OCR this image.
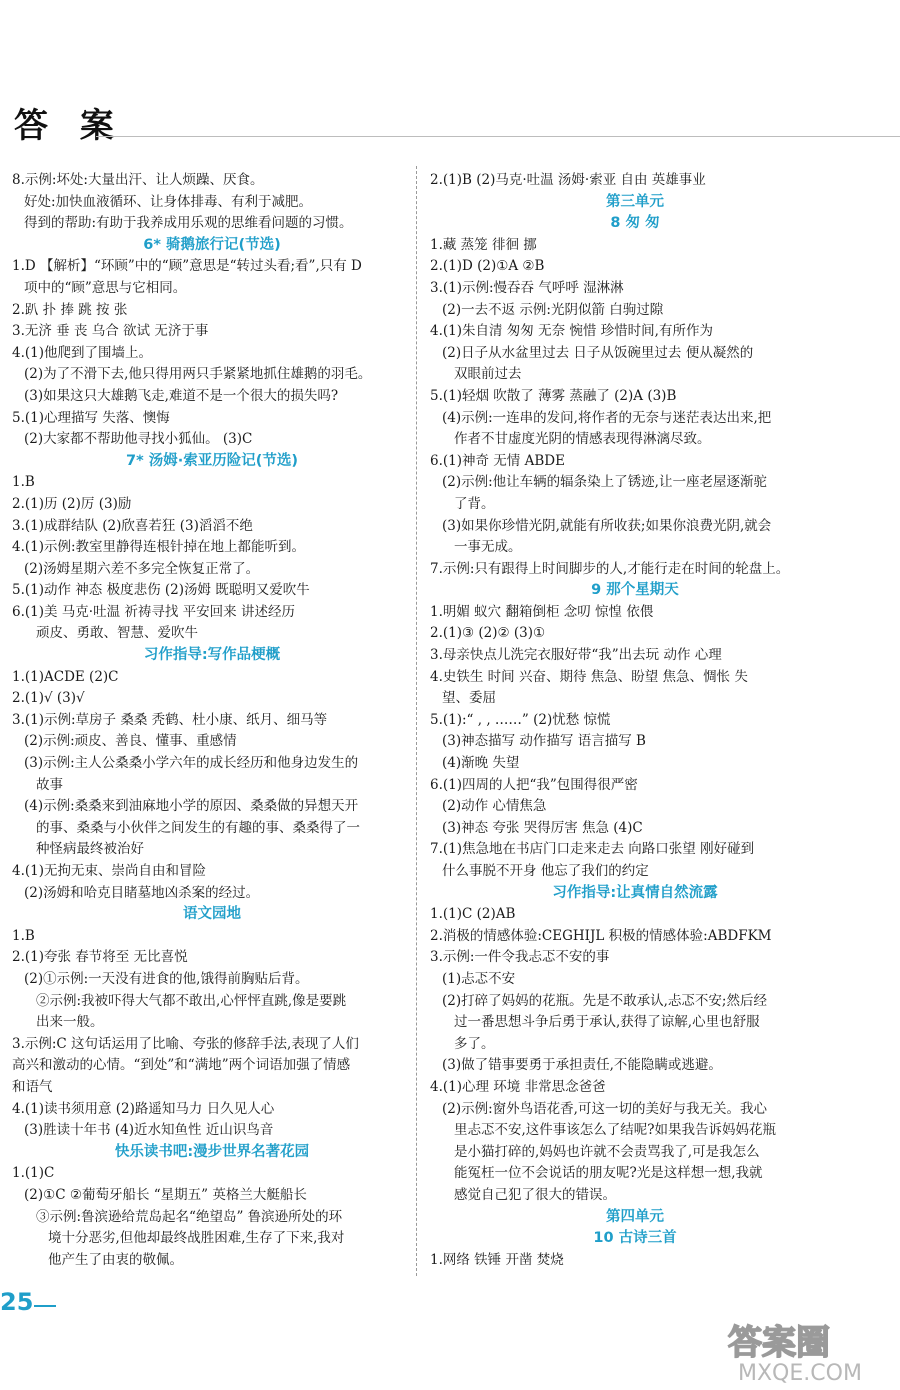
答 案
8.示例:坏处:大量出汗、让人烦躁、厌食。
好处:加快血液循环、让身体排毒、有利于减肥。
得到的帮助:有助于我养成用乐观的思维看问题的习惯。
6* 骑鹅旅行记(节选)
1.D 【解析】“环顾”中的“顾”意思是“转过头看;看”,只有 D
项中的“顾”意思与它相同。
2.趴 扑 捧 跳 按 张
3.无济 垂 丧 乌合 欲试 无济于事
4.(1)他爬到了围墙上。
(2)为了不滑下去,他只得用两只手紧紧地抓住雄鹅的羽毛。
(3)如果这只大雄鹅飞走,难道不是一个很大的损失吗?
5.(1)心理描写 失落、懊悔
(2)大家都不帮助他寻找小狐仙。 (3)C
7* 汤姆·索亚历险记(节选)
1.B
2.(1)历 (2)厉 (3)励
3.(1)成群结队 (2)欣喜若狂 (3)滔滔不绝
4.(1)示例:教室里静得连根针掉在地上都能听到。
(2)汤姆星期六差不多完全恢复正常了。
5.(1)动作 神态 极度悲伤 (2)汤姆 既聪明又爱吹牛
6.(1)美 马克·吐温 祈祷寻找 平安回来 讲述经历
顽皮、勇敢、智慧、爱吹牛
习作指导:写作品梗概
1.(1)ACDE (2)C
2.(1)√ (3)√
3.(1)示例:草房子 桑桑 秃鹤、杜小康、纸月、细马等
(2)示例:顽皮、善良、懂事、重感情
(3)示例:主人公桑桑小学六年的成长经历和他身边发生的
故事
(4)示例:桑桑来到油麻地小学的原因、桑桑做的异想天开
的事、桑桑与小伙伴之间发生的有趣的事、桑桑得了一
种怪病最终被治好
4.(1)无拘无束、崇尚自由和冒险
(2)汤姆和哈克目睹墓地凶杀案的经过。
语文园地
1.B
2.(1)夸张 春节将至 无比喜悦
(2)①示例:一天没有进食的他,饿得前胸贴后背。
②示例:我被吓得大气都不敢出,心怦怦直跳,像是要跳
出来一般。
3.示例:C 这句话运用了比喻、夸张的修辞手法,表现了人们
高兴和激动的心情。“到处”和“满地”两个词语加强了情感
和语气
4.(1)读书须用意 (2)路遥知马力 日久见人心
(3)胜读十年书 (4)近水知鱼性 近山识鸟音
快乐读书吧:漫步世界名著花园
1.(1)C
(2)①C ②葡萄牙船长 “星期五” 英格兰大艇船长
③示例:鲁滨逊给荒岛起名“绝望岛” 鲁滨逊所处的环
境十分恶劣,但他却最终战胜困难,生存了下来,我对
他产生了由衷的敬佩。
2.(1)B (2)马克·吐温 汤姆·索亚 自由 英雄事业
第三单元
8 匆 匆
1.藏 蒸笼 徘徊 挪
2.(1)D (2)①A ②B
3.(1)示例:慢吞吞 气呼呼 湿淋淋
(2)一去不返 示例:光阴似箭 白驹过隙
4.(1)朱自清 匆匆 无奈 惋惜 珍惜时间,有所作为
(2)日子从水盆里过去 日子从饭碗里过去 便从凝然的
双眼前过去
5.(1)轻烟 吹散了 薄雾 蒸融了 (2)A (3)B
(4)示例:一连串的发问,将作者的无奈与迷茫表达出来,把
作者不甘虚度光阴的情感表现得淋漓尽致。
6.(1)神奇 无情 ABDE
(2)示例:他让车辆的辐条染上了锈迹,让一座老屋逐渐驼
了背。
(3)如果你珍惜光阴,就能有所收获;如果你浪费光阴,就会
一事无成。
7.示例:只有跟得上时间脚步的人,才能行走在时间的轮盘上。
9 那个星期天
1.明媚 蚁穴 翻箱倒柜 念叨 惊惶 依偎
2.(1)③ (2)② (3)①
3.母亲快点儿洗完衣服好带“我”出去玩 动作 心理
4.史铁生 时间 兴奋、期待 焦急、盼望 焦急、惆怅 失
望、委屈
5.(1):“ , , ……” (2)忧愁 惊慌
(3)神态描写 动作描写 语言描写 B
(4)渐晚 失望
6.(1)四周的人把“我”包围得很严密
(2)动作 心情焦急
(3)神态 夸张 哭得厉害 焦急 (4)C
7.(1)焦急地在书店门口走来走去 向路口张望 刚好碰到
什么事脱不开身 他忘了我们的约定
习作指导:让真情自然流露
1.(1)C (2)AB
2.消极的情感体验:CEGHIJL 积极的情感体验:ABDFKM
3.示例:一件令我忐忑不安的事
(1)忐忑不安
(2)打碎了妈妈的花瓶。先是不敢承认,忐忑不安;然后经
过一番思想斗争后勇于承认,获得了谅解,心里也舒服
多了。
(3)做了错事要勇于承担责任,不能隐瞒或逃避。
4.(1)心理 环境 非常思念爸爸
(2)示例:窗外鸟语花香,可这一切的美好与我无关。我心
里忐忑不安,这件事该怎么了结呢?如果我告诉妈妈花瓶
是小猫打碎的,妈妈也许就不会责骂我了,可是我怎么
能冤枉一位不会说话的朋友呢?光是这样想一想,我就
感觉自己犯了很大的错误。
第四单元
10 古诗三首
1.网络 铁锤 开凿 焚烧
25
答案圈
MXQE.COM
